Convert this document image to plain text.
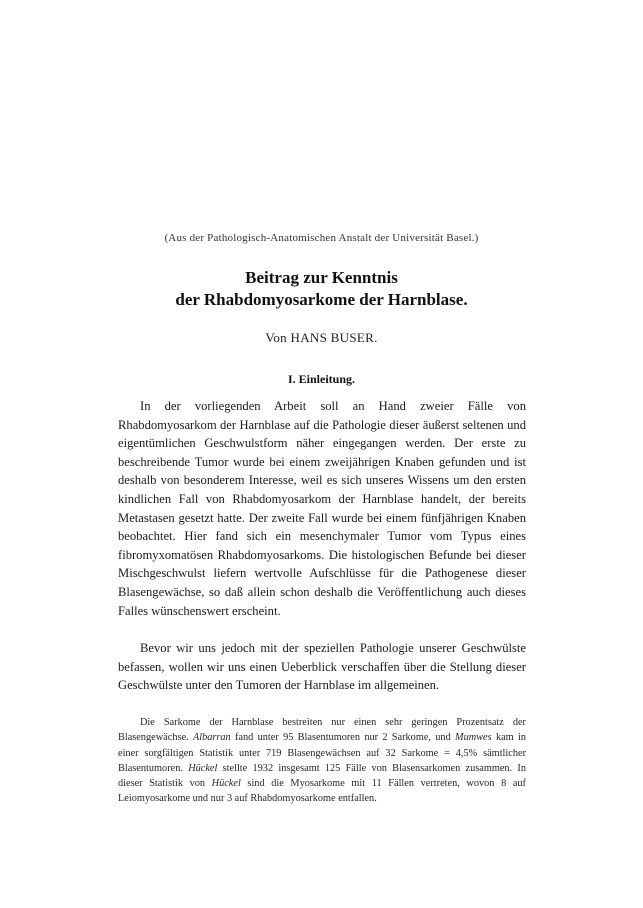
(Aus der Pathologisch-Anatomischen Anstalt der Universität Basel.)
Beitrag zur Kenntnis
der Rhabdomyosarkome der Harnblase.
Von HANS BUSER.
I. Einleitung.

In der vorliegenden Arbeit soll an Hand zweier Fälle von Rhabdomyosarkom der Harnblase auf die Pathologie dieser äußerst seltenen und eigentümlichen Geschwulstform näher eingegangen werden. Der erste zu beschreibende Tumor wurde bei einem zweijährigen Knaben gefunden und ist deshalb von besonderem Interesse, weil es sich unseres Wissens um den ersten kindlichen Fall von Rhabdomyosarkom der Harnblase handelt, der bereits Metastasen gesetzt hatte. Der zweite Fall wurde bei einem fünfjährigen Knaben beobachtet. Hier fand sich ein mesenchymaler Tumor vom Typus eines fibromyxomatösen Rhabdomyosarkoms. Die histologischen Befunde bei dieser Mischgeschwulst liefern wertvolle Aufschlüsse für die Pathogenese dieser Blasengewächse, so daß allein schon deshalb die Veröffentlichung auch dieses Falles wünschenswert erscheint.

Bevor wir uns jedoch mit der speziellen Pathologie unserer Geschwülste befassen, wollen wir uns einen Ueberblick verschaffen über die Stellung dieser Geschwülste unter den Tumoren der Harnblase im allgemeinen.

Die Sarkome der Harnblase bestreiten nur einen sehr geringen Prozentsatz der Blasengewächse. Albarran fand unter 95 Blasentumoren nur 2 Sarkome, und Mumwes kam in einer sorgfältigen Statistik unter 719 Blasengewächsen auf 32 Sarkome = 4,5% sämtlicher Blasentumoren. Hückel stellte 1932 insgesamt 125 Fälle von Blasensarkomen zusammen. In dieser Statistik von Hückel sind die Myosarkome mit 11 Fällen vertreten, wovon 8 auf Leiomyosarkome und nur 3 auf Rhabdomyosarkome entfallen.
